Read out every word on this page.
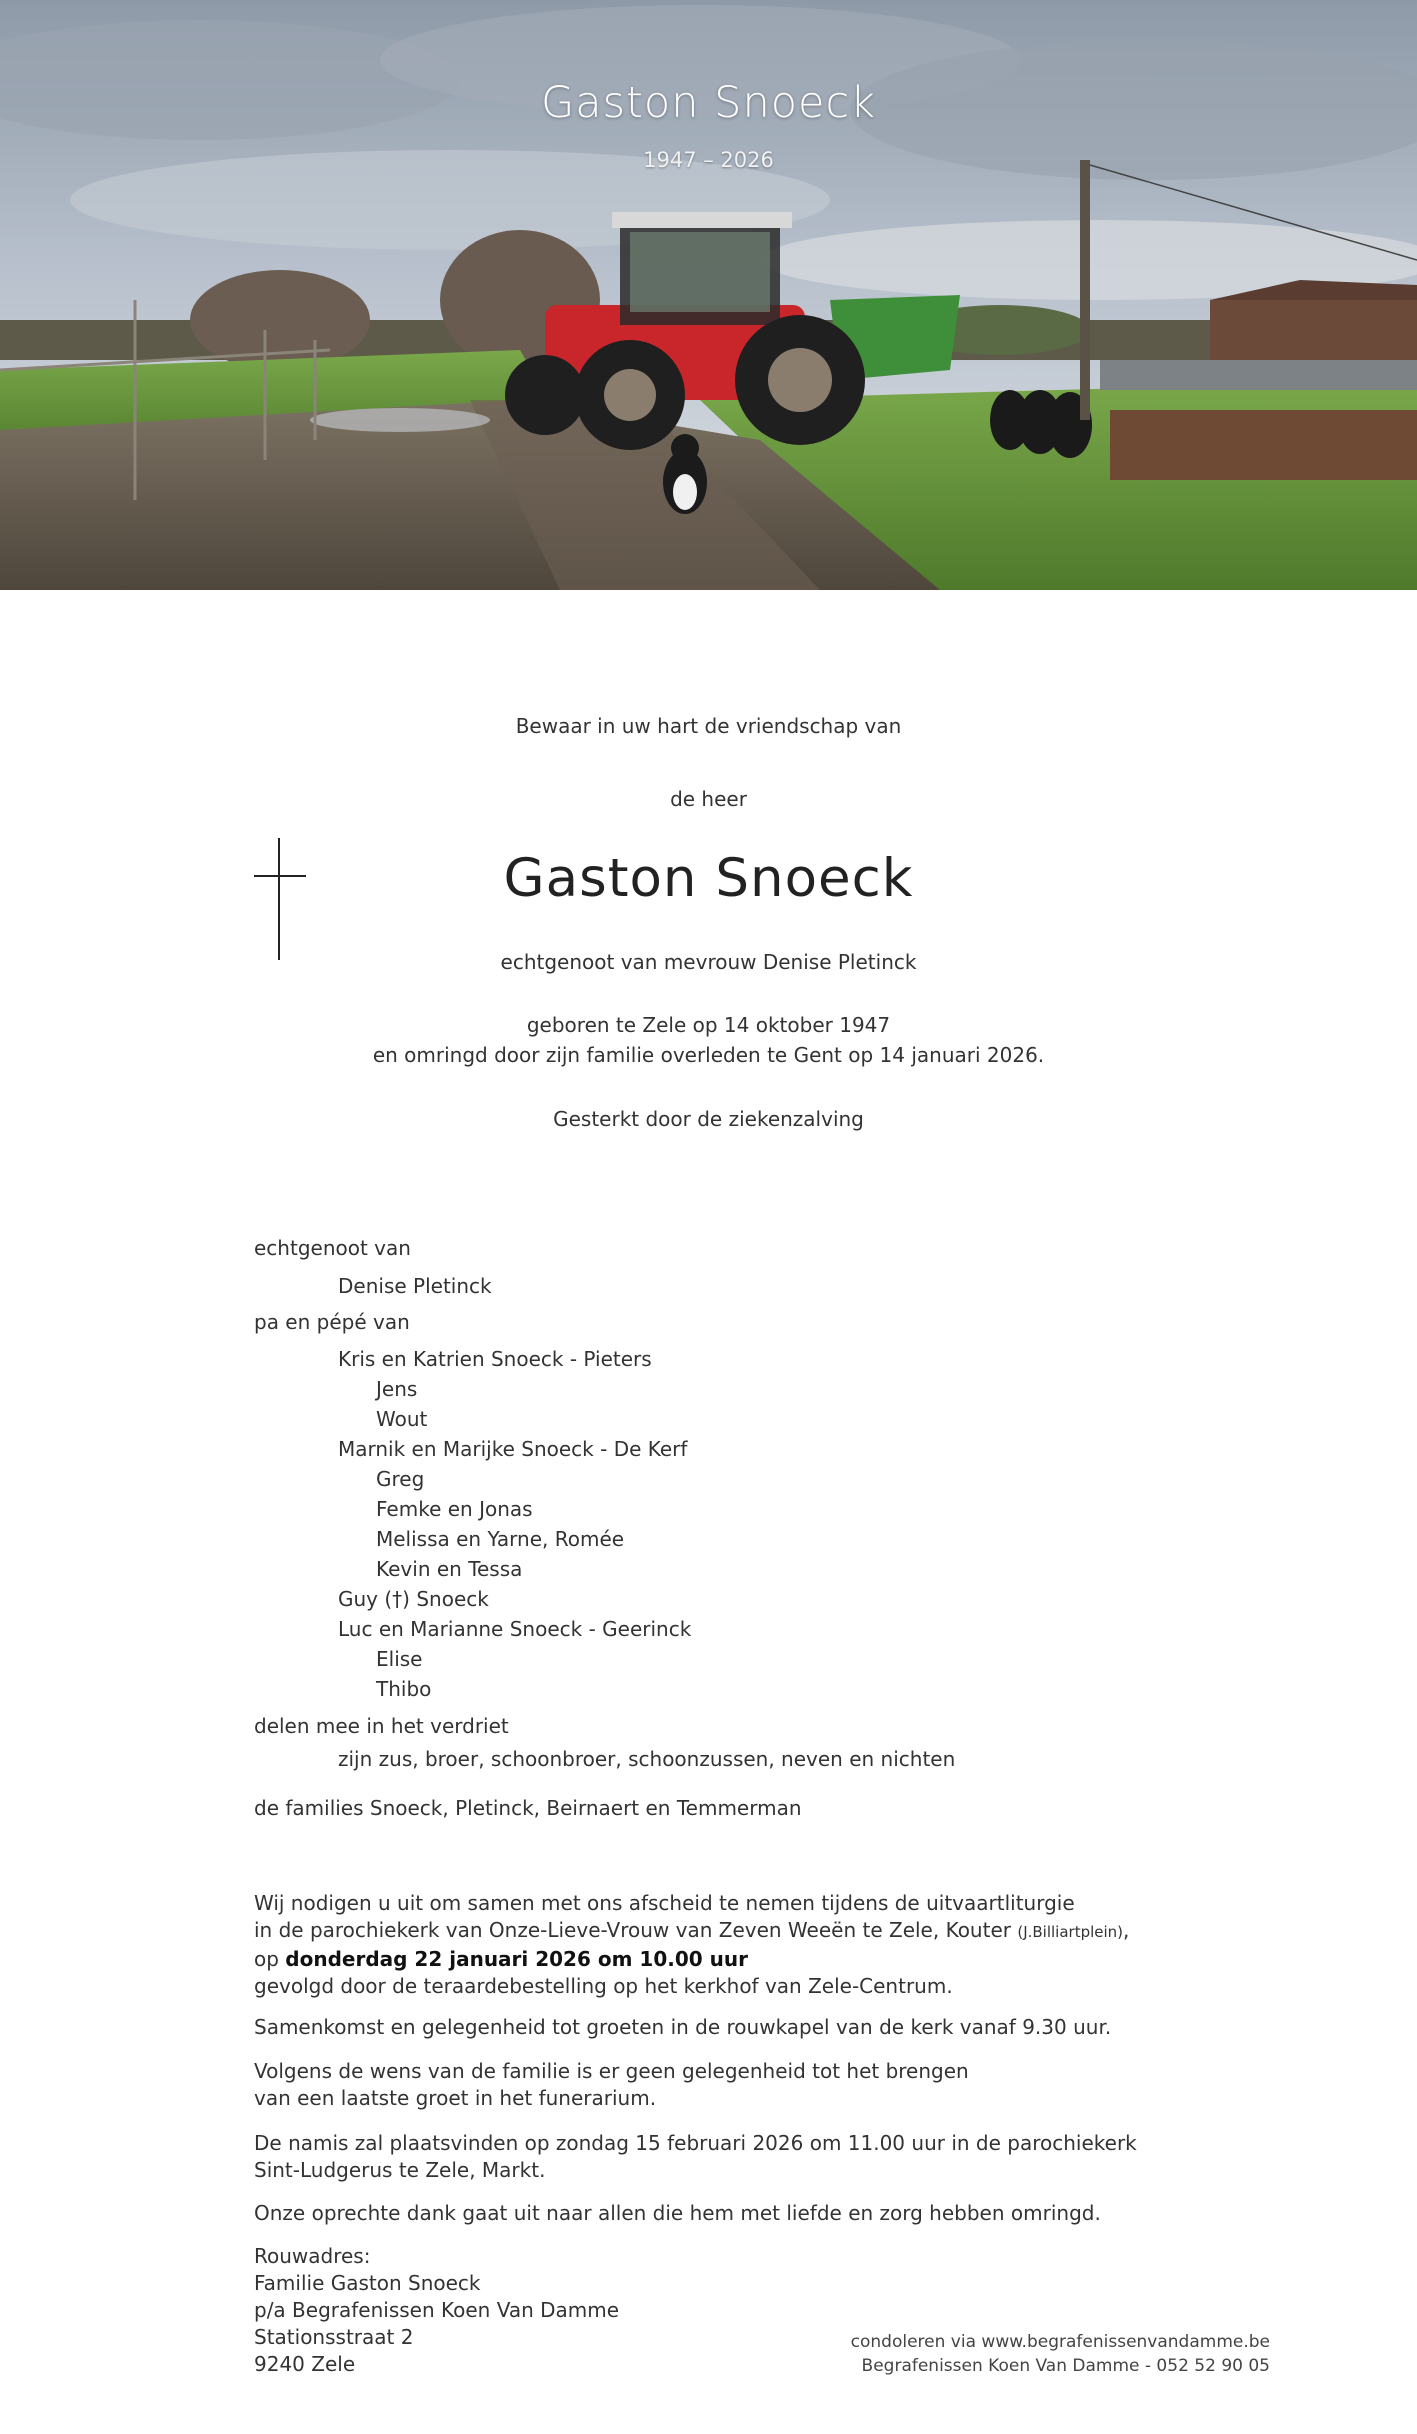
Gaston Snoeck
1947 – 2026
Bewaar in uw hart de vriendschap van
de heer
Gaston Snoeck
echtgenoot van mevrouw Denise Pletinck
geboren te Zele op 14 oktober 1947
en omringd door zijn familie overleden te Gent op 14 januari 2026.
Gesterkt door de ziekenzalving
echtgenoot van
Denise Pletinck
pa en pépé van
Kris en Katrien Snoeck - Pieters
Jens
Wout
Marnik en Marijke Snoeck - De Kerf
Greg
Femke en Jonas
Melissa en Yarne, Romée
Kevin en Tessa
Guy (†) Snoeck
Luc en Marianne Snoeck - Geerinck
Elise
Thibo
delen mee in het verdriet
zijn zus, broer, schoonbroer, schoonzussen, neven en nichten
de families Snoeck, Pletinck, Beirnaert en Temmerman
Wij nodigen u uit om samen met ons afscheid te nemen tijdens de uitvaartliturgie
in de parochiekerk van Onze-Lieve-Vrouw van Zeven Weeën te Zele, Kouter (J.Billiartplein),
op donderdag 22 januari 2026 om 10.00 uur
gevolgd door de teraardebestelling op het kerkhof van Zele-Centrum.
Samenkomst en gelegenheid tot groeten in de rouwkapel van de kerk vanaf 9.30 uur.
Volgens de wens van de familie is er geen gelegenheid tot het brengen
van een laatste groet in het funerarium.
De namis zal plaatsvinden op zondag 15 februari 2026 om 11.00 uur in de parochiekerk
Sint-Ludgerus te Zele, Markt.
Onze oprechte dank gaat uit naar allen die hem met liefde en zorg hebben omringd.
Rouwadres:
Familie Gaston Snoeck
p/a Begrafenissen Koen Van Damme
Stationsstraat 2
9240 Zele
condoleren via www.begrafenissenvandamme.be
Begrafenissen Koen Van Damme - 052 52 90 05
